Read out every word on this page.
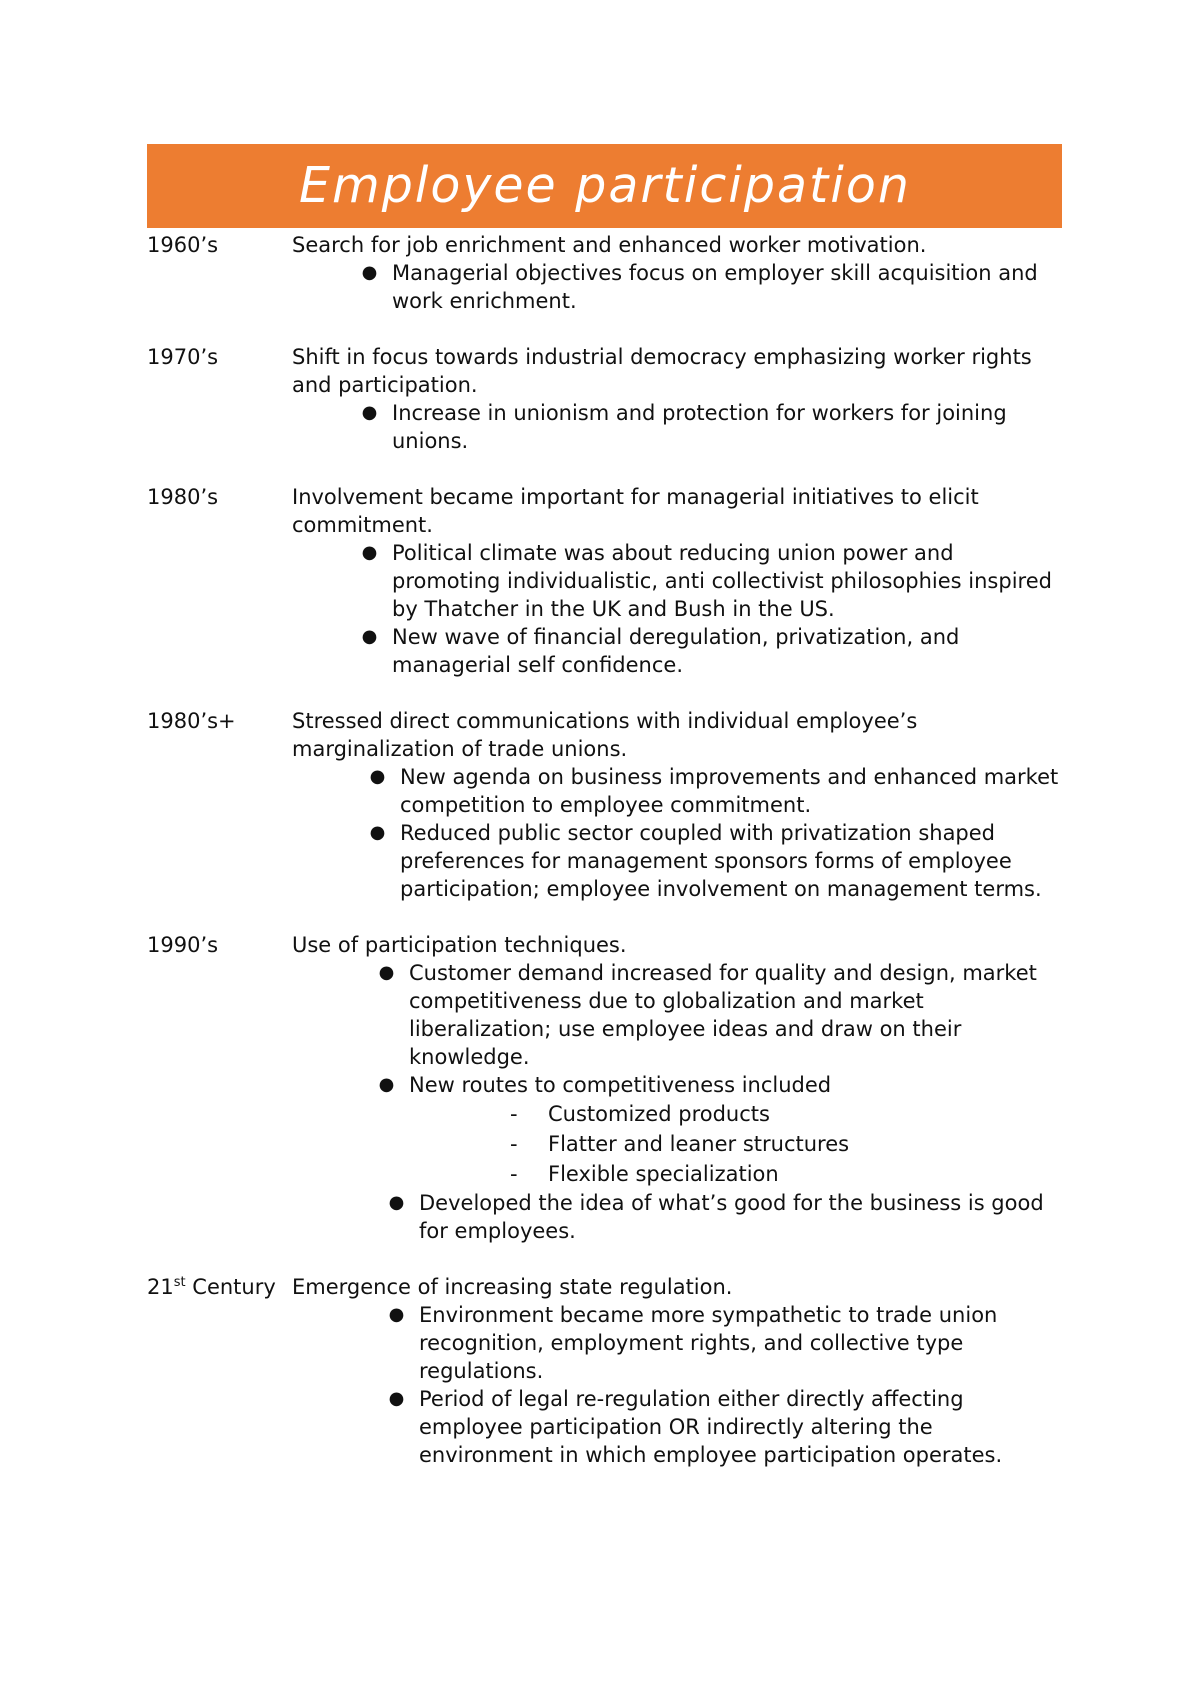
Employee participation
1960’s	Search for job enrichment and enhanced worker motivation.
● Managerial objectives focus on employer skill acquisition and work enrichment.
1970’s	Shift in focus towards industrial democracy emphasizing worker rights and participation.
● Increase in unionism and protection for workers for joining unions.
1980’s	Involvement became important for managerial initiatives to elicit commitment.
● Political climate was about reducing union power and promoting individualistic, anti collectivist philosophies inspired by Thatcher in the UK and Bush in the US.
● New wave of financial deregulation, privatization, and managerial self confidence.
1980’s+	Stressed direct communications with individual employee’s marginalization of trade unions.
● New agenda on business improvements and enhanced market competition to employee commitment.
● Reduced public sector coupled with privatization shaped preferences for management sponsors forms of employee participation; employee involvement on management terms.
1990’s	Use of participation techniques.
● Customer demand increased for quality and design, market competitiveness due to globalization and market liberalization; use employee ideas and draw on their knowledge.
● New routes to competitiveness included
-	Customized products
-	Flatter and leaner structures
-	Flexible specialization
● Developed the idea of what’s good for the business is good for employees.
21st Century Emergence of increasing state regulation.
● Environment became more sympathetic to trade union recognition, employment rights, and collective type regulations.
● Period of legal re-regulation either directly affecting employee participation OR indirectly altering the environment in which employee participation operates.
